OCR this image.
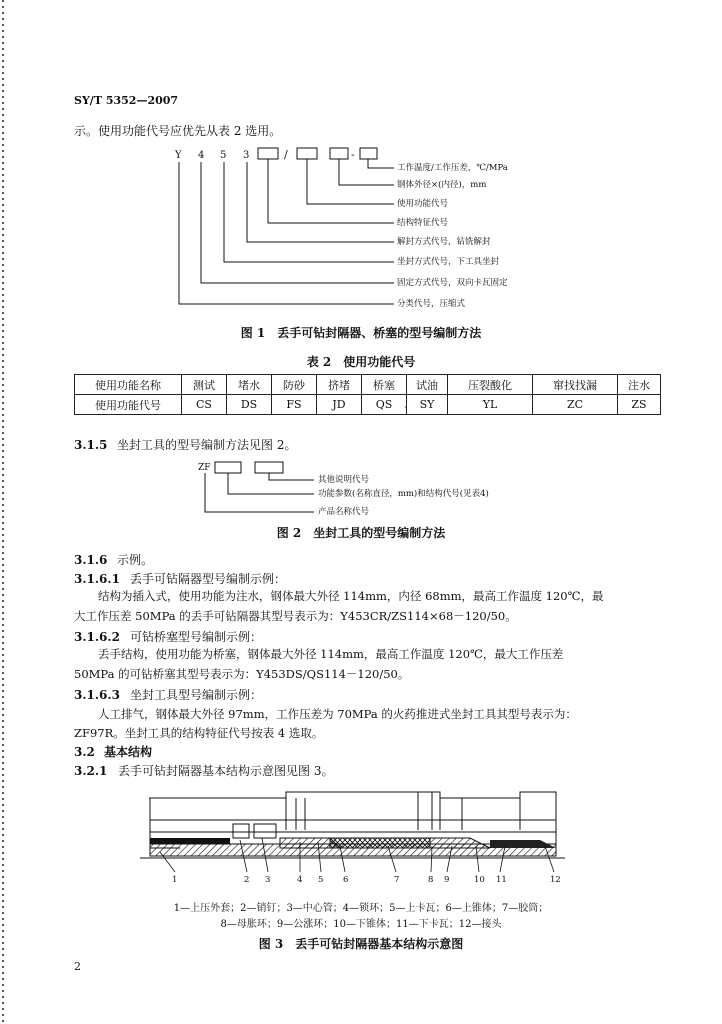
SY/T 5352—2007
示。使用功能代号应优先从表 2 选用。
Y 4 5 3	/	-
工作温度/工作压差，℃/MPa
钢体外径×(内径)，mm
使用功能代号
结构特征代号
解封方式代号，钻铣解封
坐封方式代号，下工具坐封
固定方式代号，双向卡瓦固定
分类代号，压缩式
图 1　丢手可钻封隔器、桥塞的型号编制方法
表 2　使用功能代号
使用功能名称	测试	堵水	防砂	挤堵	桥塞	试油	压裂酸化	窜找找漏	注水
使用功能代号	CS	DS	FS	JD	QS	SY	YL	ZC	ZS
·
3.1.5 坐封工具的型号编制方法见图 2。
ZF
其他说明代号
功能参数(名称直径，mm)和结构代号(见表4)
产品名称代号
图 2　坐封工具的型号编制方法
3.1.6 示例。
3.1.6.1 丢手可钻隔器型号编制示例：
结构为插入式，使用功能为注水，钢体最大外径 114mm，内径 68mm，最高工作温度 120℃，最
大工作压差 50MPa 的丢手可钻隔器其型号表示为：Y453CR/ZS114×68－120/50。
3.1.6.2 可钻桥塞型号编制示例：
丢手结构，使用功能为桥塞，钢体最大外径 114mm，最高工作温度 120℃，最大工作压差
50MPa 的可钻桥塞其型号表示为：Y453DS/QS114－120/50。
3.1.6.3 坐封工具型号编制示例：
人工排气，钢体最大外径 97mm，工作压差为 70MPa 的火药推进式坐封工具其型号表示为：
ZF97R。坐封工具的结构特征代号按表 4 选取。
3.2 基本结构
3.2.1 丢手可钻封隔器基本结构示意图见图 3。
1	2 3	4 5 6	7	8 9	10 11	12
1—上压外套；2—销钉；3—中心管；4—锁环；5—上卡瓦；6—上锥体；7—胶筒；
8—母胀环；9—公涨环；10—下锥体；11—下卡瓦；12—接头
图 3　丢手可钻封隔器基本结构示意图
2
